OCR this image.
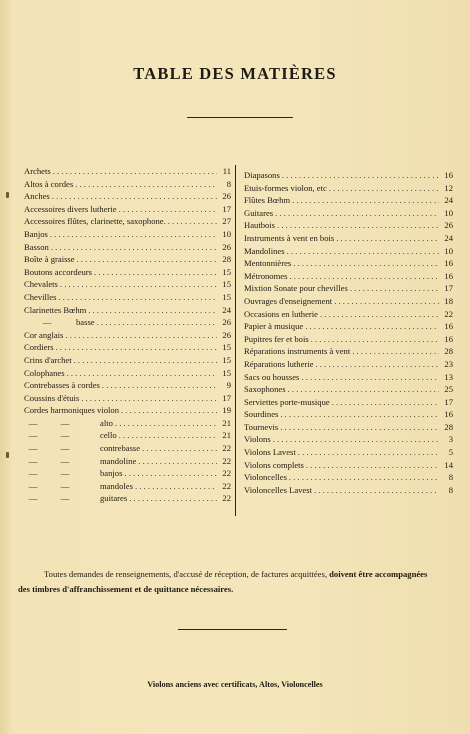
TABLE DES MATIÈRES
Archets . . .	11
Altos à cordes . . .	8
Anches . . .	26
Accessoires divers lutherie . . .	17
Accessoires flûtes, clarinette, saxophone. . . .	27
Banjos . . .	10
Basson . . .	26
Boîte à graisse . . .	28
Boutons accordeurs . . .	15
Chevalets . . .	15
Chevilles . . .	15
Clarinettes Bœhm . . .	24
—	basse . . .	26
Cor anglais . . .	26
Cordiers . . .	15
Crins d'archet . . .	15
Colophanes . . .	15
Contrebasses à cordes . . .	9
Coussins d'étuis . . .	17
Cordes harmoniques violon . . .	19
—	—	alto . . .	21
—	—	cello . . .	21
—	—	contrebasse . . .	22
—	—	mandoline . . .	22
—	—	banjos . . .	22
—	—	mandoles . . .	22
—	—	guitares . . .	22
Diapasons . . .	16
Etuis-formes violon, etc . . .	12
Flûtes Bœhm . . .	24
Guitares . . .	10
Hautbois . . .	26
Instruments à vent en bois . . .	24
Mandolines . . .	10
Mentonnières . . .	16
Métronomes . . .	16
Mixtion Sonate pour chevilles . . .	17
Ouvrages d'enseignement . . .	18
Occasions en lutherie . . .	22
Papier à musique . . .	16
Pupitres fer et bois . . .	16
Réparations instruments à vent . . .	28
Réparations lutherie . . .	23
Sacs ou housses . . .	13
Saxophones . . .	25
Serviettes porte-musique . . .	17
Sourdines . . .	16
Tournevis . . .	28
Violons . . .	3
Violons Lavest . . .	5
Violons complets . . .	14
Violoncelles . . .	8
Violoncelles Lavest . . .	8
Toutes demandes de renseignements, d'accusé de réception, de factures acquittées, doivent être accompagnées des timbres d'affranchissement et de quittance nécessaires.
Violons anciens avec certificats, Altos, Violoncelles
